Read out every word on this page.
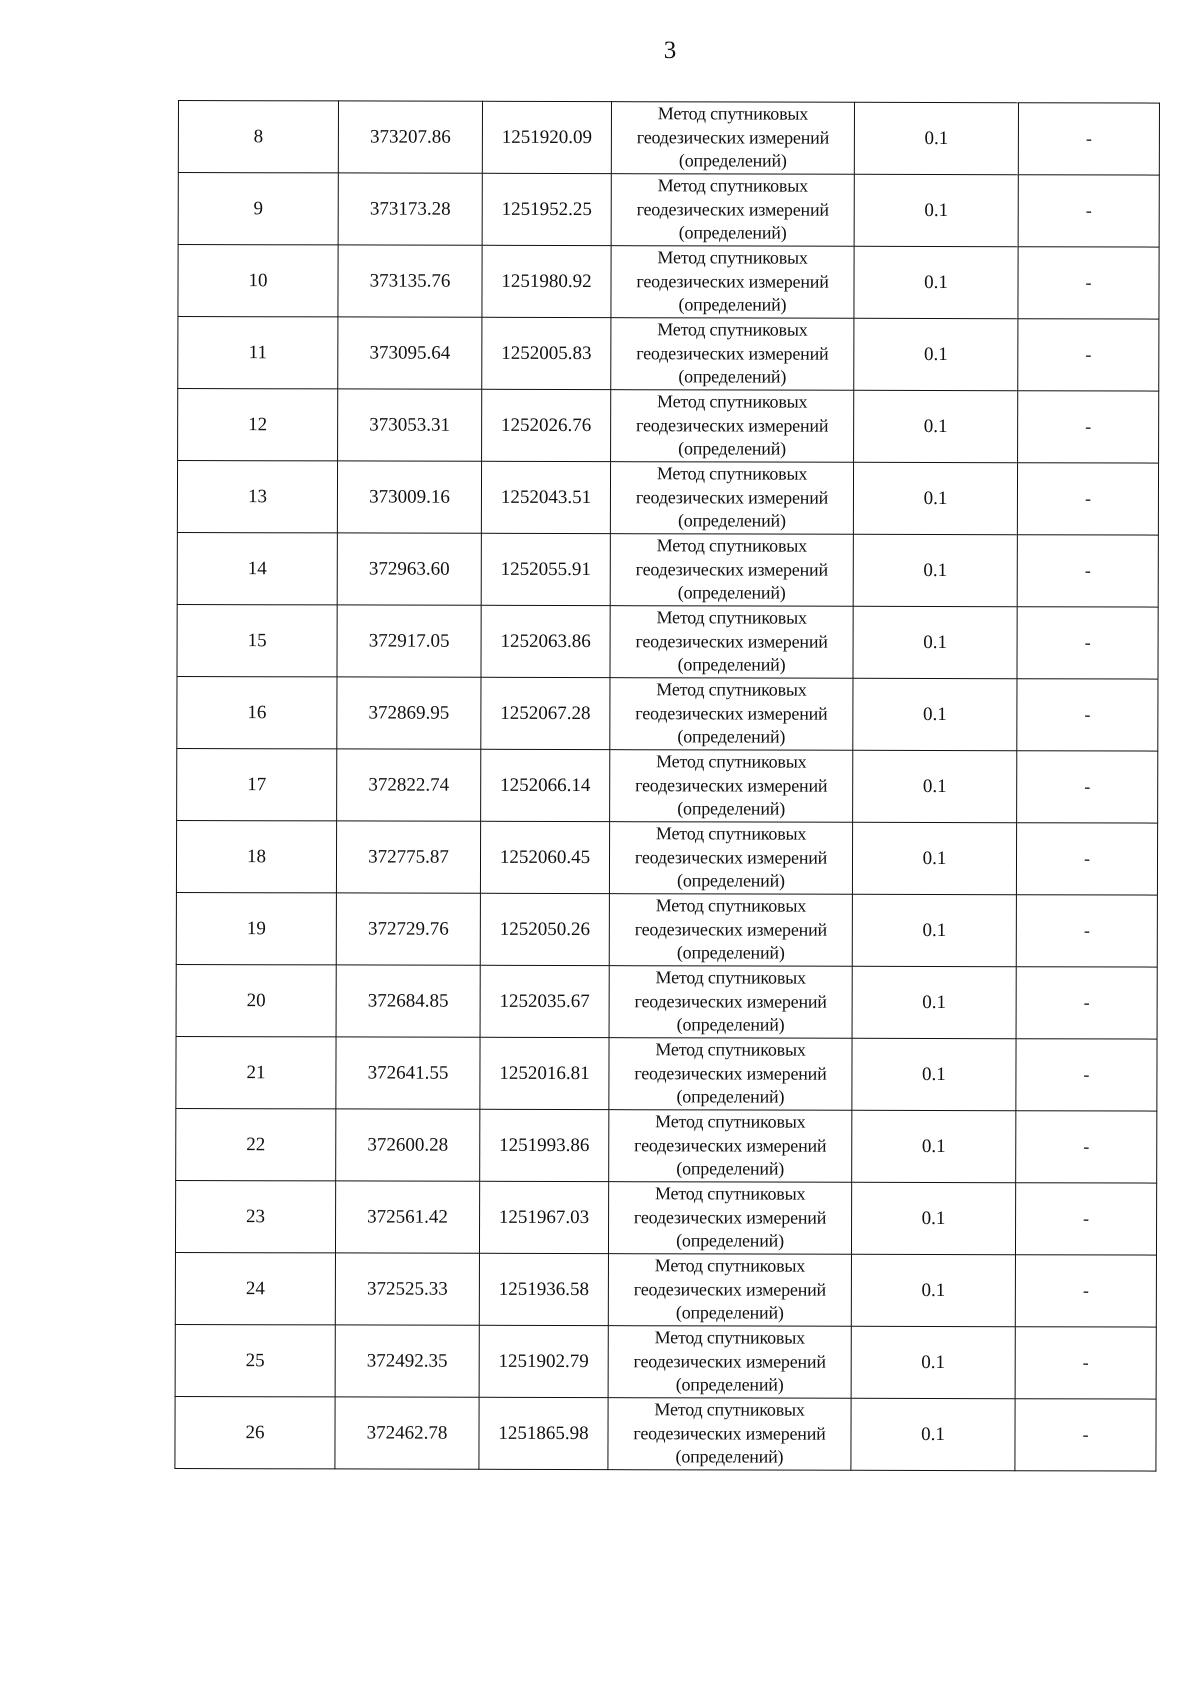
3
8	373207.86	1251920.09	Метод спутниковых
геодезических измерений
(определений)	0.1	-
9	373173.28	1251952.25	Метод спутниковых
геодезических измерений
(определений)	0.1	-
10	373135.76	1251980.92	Метод спутниковых
геодезических измерений
(определений)	0.1	-
11	373095.64	1252005.83	Метод спутниковых
геодезических измерений
(определений)	0.1	-
12	373053.31	1252026.76	Метод спутниковых
геодезических измерений
(определений)	0.1	-
13	373009.16	1252043.51	Метод спутниковых
геодезических измерений
(определений)	0.1	-
14	372963.60	1252055.91	Метод спутниковых
геодезических измерений
(определений)	0.1	-
15	372917.05	1252063.86	Метод спутниковых
геодезических измерений
(определений)	0.1	-
16	372869.95	1252067.28	Метод спутниковых
геодезических измерений
(определений)	0.1	-
17	372822.74	1252066.14	Метод спутниковых
геодезических измерений
(определений)	0.1	-
18	372775.87	1252060.45	Метод спутниковых
геодезических измерений
(определений)	0.1	-
19	372729.76	1252050.26	Метод спутниковых
геодезических измерений
(определений)	0.1	-
20	372684.85	1252035.67	Метод спутниковых
геодезических измерений
(определений)	0.1	-
21	372641.55	1252016.81	Метод спутниковых
геодезических измерений
(определений)	0.1	-
22	372600.28	1251993.86	Метод спутниковых
геодезических измерений
(определений)	0.1	-
23	372561.42	1251967.03	Метод спутниковых
геодезических измерений
(определений)	0.1	-
24	372525.33	1251936.58	Метод спутниковых
геодезических измерений
(определений)	0.1	-
25	372492.35	1251902.79	Метод спутниковых
геодезических измерений
(определений)	0.1	-
26	372462.78	1251865.98	Метод спутниковых
геодезических измерений
(определений)	0.1	-
